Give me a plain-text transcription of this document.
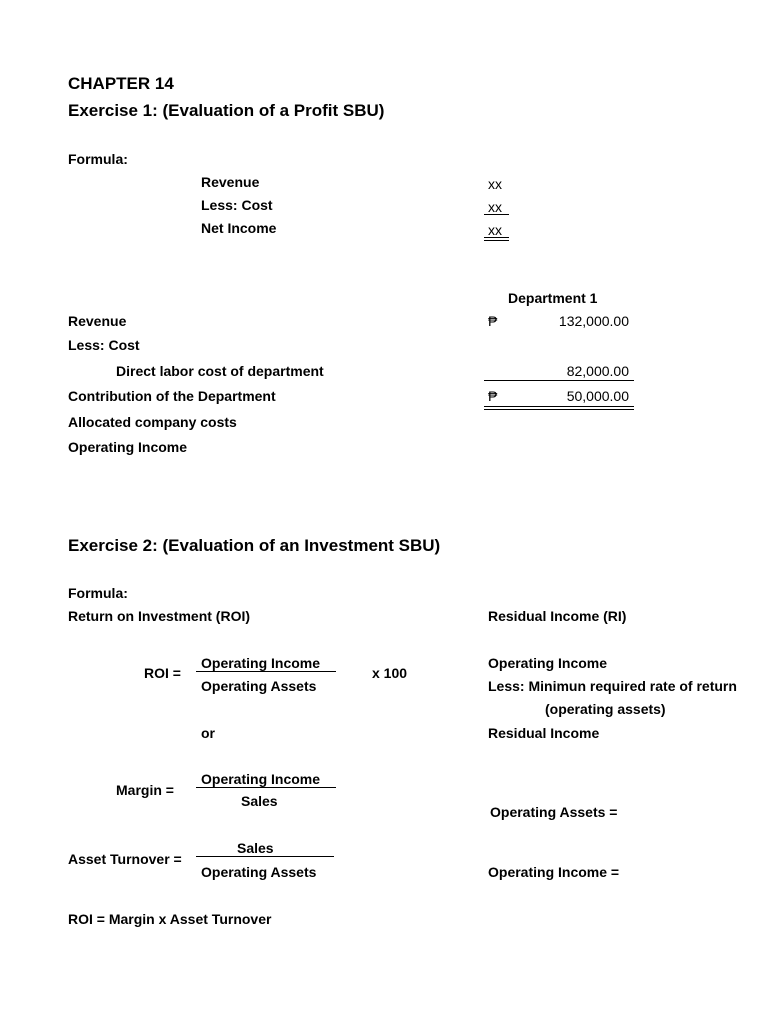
CHAPTER 14
Exercise 1: (Evaluation of a Profit SBU)
Formula:
Revenue	xx
Less: Cost	xx
Net Income	xx
Department 1
Revenue	₱	132,000.00
Less: Cost
Direct labor cost of department	82,000.00
Contribution of the Department	₱	50,000.00
Allocated company costs
Operating Income
Exercise 2: (Evaluation of an Investment SBU)
Formula:
Return on Investment (ROI)	Residual Income (RI)
ROI =
Operating Income
Operating Assets
x 100
or
Margin =
Operating Income
Sales
Asset Turnover =
Sales
Operating Assets
ROI = Margin x Asset Turnover
Operating Income
Less: Minimun required rate of return
(operating assets)
Residual Income
Operating Assets =
Operating Income =
